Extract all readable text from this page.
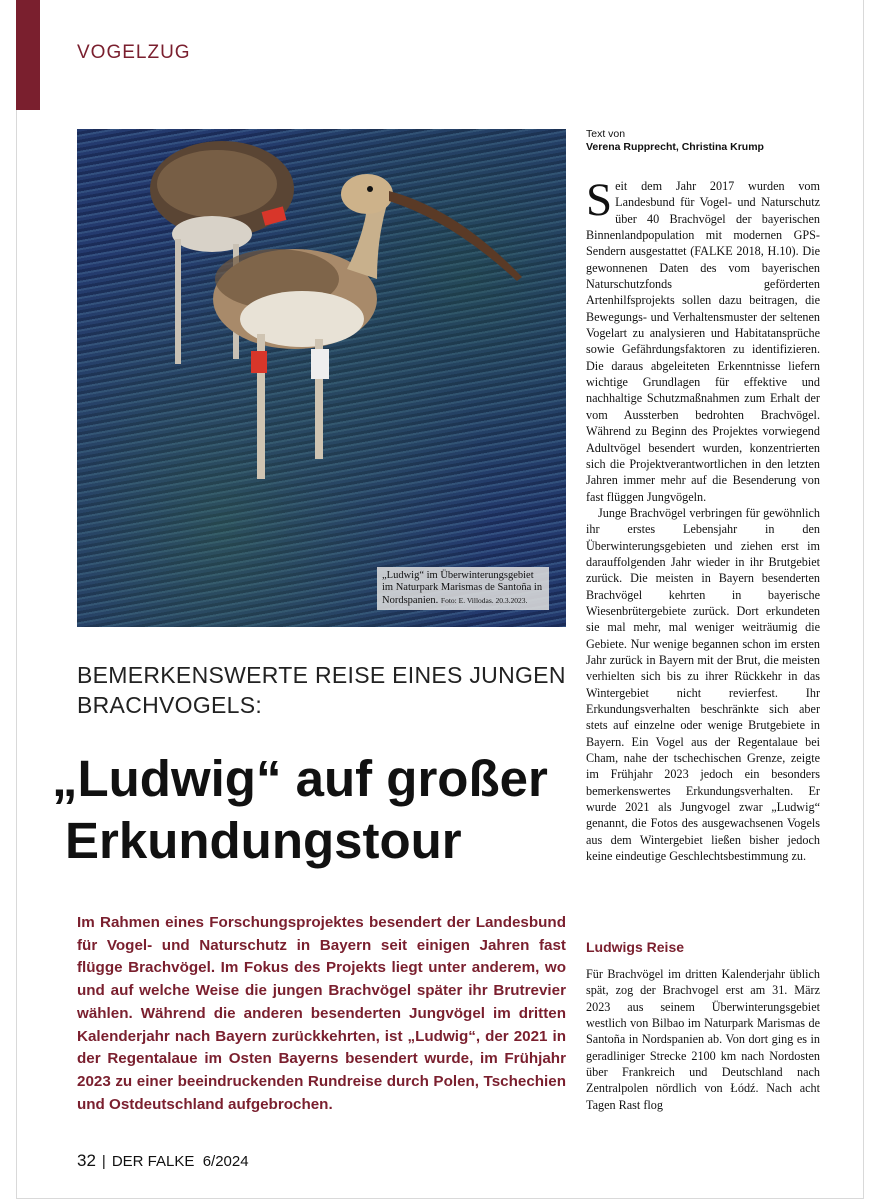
VOGELZUG
„Ludwig“ im Überwinterungsgebiet im Naturpark Marismas de Santoña in Nordspanien. Foto: E. Villodas. 20.3.2023.
BEMERKENSWERTE REISE EINES JUNGEN BRACHVOGELS:
„Ludwig“ auf großer
Erkundungstour
Im Rahmen eines Forschungsprojektes besendert der Landesbund für Vogel- und Naturschutz in Bayern seit einigen Jahren fast flügge Brachvögel. Im Fokus des Projekts liegt unter anderem, wo und auf welche Weise die jungen Brachvögel später ihr Brutrevier wählen. Während die anderen besenderten Jungvögel im dritten Kalenderjahr nach Bayern zurückkehrten, ist „Ludwig“, der 2021 in der Regentalaue im Osten Bayerns besendert wurde, im Frühjahr 2023 zu einer beeindruckenden Rundreise durch Polen, Tschechien und Ostdeutschland aufgebrochen.
32 | DER FALKE 6/2024
Text von
Verena Rupprecht, Christina Krump

Seit dem Jahr 2017 wurden vom Landesbund für Vogel- und Naturschutz über 40 Brachvögel der bayerischen Binnenlandpopulation mit modernen GPS-Sendern ausgestattet (FALKE 2018, H.10). Die gewonnenen Daten des vom bayerischen Naturschutzfonds geförderten Artenhilfsprojekts sollen dazu beitragen, die Bewegungs- und Verhaltensmuster der seltenen Vogelart zu analysieren und Habitatansprüche sowie Gefährdungsfaktoren zu identifizieren. Die daraus abgeleiteten Erkenntnisse liefern wichtige Grundlagen für effektive und nachhaltige Schutzmaßnahmen zum Erhalt der vom Aussterben bedrohten Brachvögel. Während zu Beginn des Projektes vorwiegend Adultvögel besendert wurden, konzentrierten sich die Projektverantwortlichen in den letzten Jahren immer mehr auf die Besenderung von fast flüggen Jungvögeln.

Junge Brachvögel verbringen für gewöhnlich ihr erstes Lebensjahr in den Überwinterungsgebieten und ziehen erst im darauffolgenden Jahr wieder in ihr Brutgebiet zurück. Die meisten in Bayern besenderten Brachvögel kehrten in bayerische Wiesenbrütergebiete zurück. Dort erkundeten sie mal mehr, mal weniger weiträumig die Gebiete. Nur wenige begannen schon im ersten Jahr zurück in Bayern mit der Brut, die meisten verhielten sich bis zu ihrer Rückkehr in das Wintergebiet nicht revierfest. Ihr Erkundungsverhalten beschränkte sich aber stets auf einzelne oder wenige Brutgebiete in Bayern. Ein Vogel aus der Regentalaue bei Cham, nahe der tschechischen Grenze, zeigte im Frühjahr 2023 jedoch ein besonders bemerkenswertes Erkundungsverhalten. Er wurde 2021 als Jungvogel zwar „Ludwig“ genannt, die Fotos des ausgewachsenen Vogels aus dem Wintergebiet ließen bisher jedoch keine eindeutige Geschlechtsbestimmung zu.

Ludwigs Reise

Für Brachvögel im dritten Kalenderjahr üblich spät, zog der Brachvogel erst am 31. März 2023 aus seinem Überwinterungsgebiet westlich von Bilbao im Naturpark Marismas de Santoña in Nordspanien ab. Von dort ging es in geradliniger Strecke 2100 km nach Nordosten über Frankreich und Deutschland nach Zentralpolen nördlich von Łódź. Nach acht Tagen Rast flog
